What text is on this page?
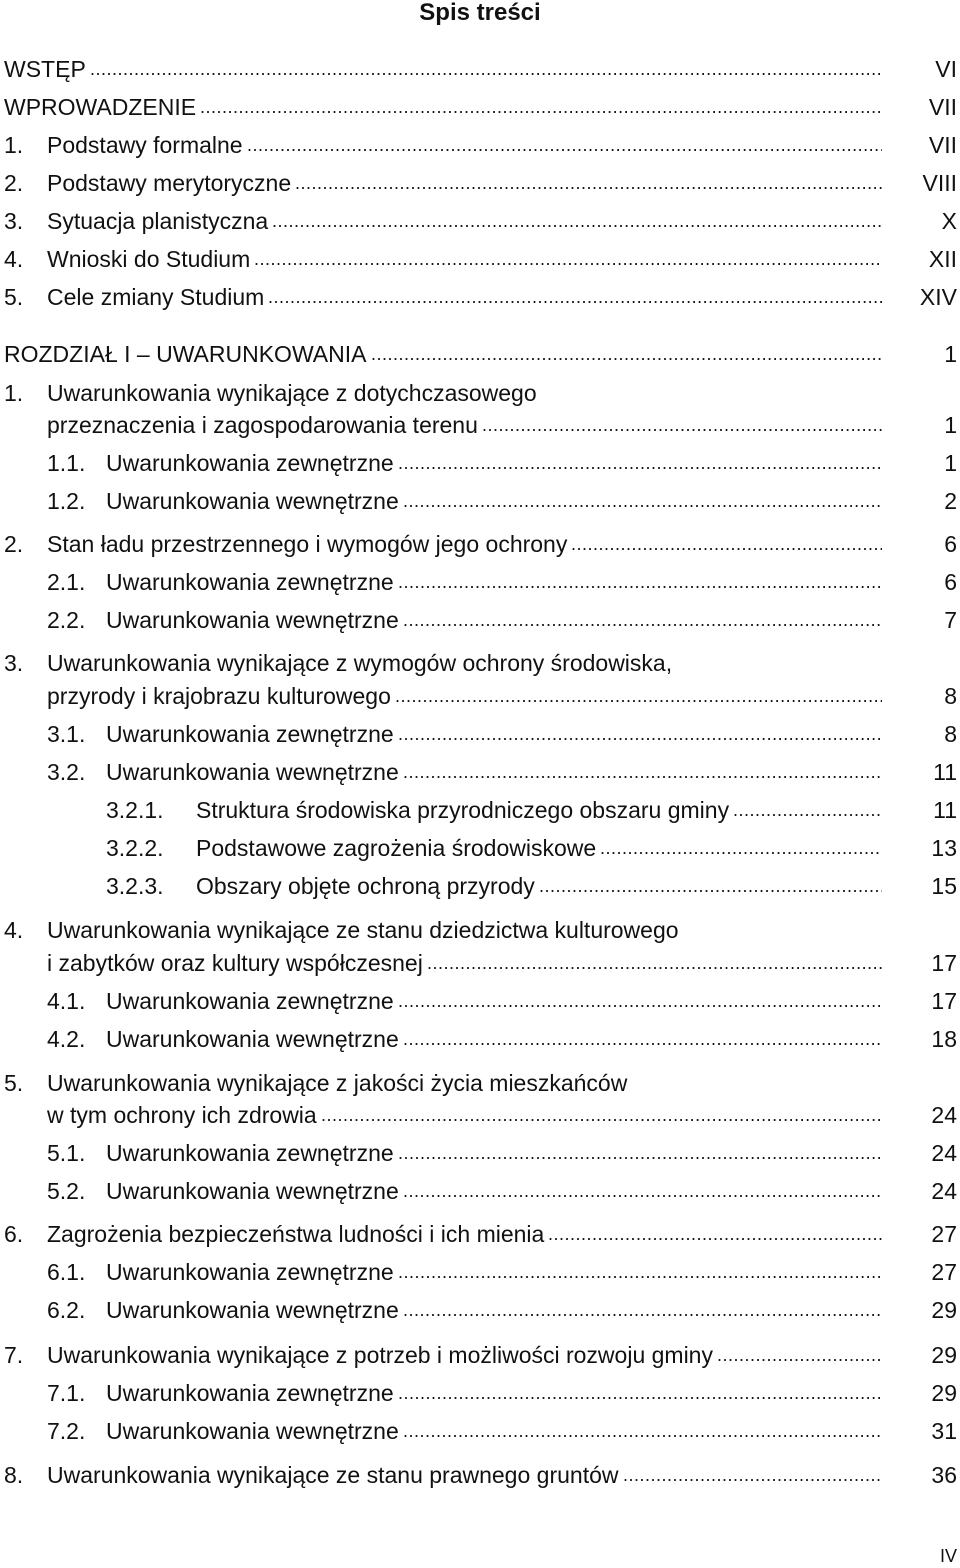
Spis treści
WSTĘP .....	VI
WPROWADZENIE .....	VII
1. Podstawy formalne .....	VII
2. Podstawy merytoryczne .....	VIII
3. Sytuacja planistyczna .....	X
4. Wnioski do Studium .....	XII
5. Cele zmiany Studium .....	XIV
ROZDZIAŁ I – UWARUNKOWANIA .....	1
1. Uwarunkowania wynikające z dotychczasowego
przeznaczenia i zagospodarowania terenu .....	1
1.1. Uwarunkowania zewnętrzne .....	1
1.2. Uwarunkowania wewnętrzne .....	2
2. Stan ładu przestrzennego i wymogów jego ochrony .....	6
2.1. Uwarunkowania zewnętrzne .....	6
2.2. Uwarunkowania wewnętrzne .....	7
3. Uwarunkowania wynikające z wymogów ochrony środowiska,
przyrody i krajobrazu kulturowego .....	8
3.1. Uwarunkowania zewnętrzne .....	8
3.2. Uwarunkowania wewnętrzne .....	11
3.2.1. Struktura środowiska przyrodniczego obszaru gminy .....	11
3.2.2. Podstawowe zagrożenia środowiskowe .....	13
3.2.3. Obszary objęte ochroną przyrody .....	15
4. Uwarunkowania wynikające ze stanu dziedzictwa kulturowego
i zabytków oraz kultury współczesnej .....	17
4.1. Uwarunkowania zewnętrzne .....	17
4.2. Uwarunkowania wewnętrzne .....	18
5. Uwarunkowania wynikające z jakości życia mieszkańców
w tym ochrony ich zdrowia .....	24
5.1. Uwarunkowania zewnętrzne .....	24
5.2. Uwarunkowania wewnętrzne .....	24
6. Zagrożenia bezpieczeństwa ludności i ich mienia .....	27
6.1. Uwarunkowania zewnętrzne .....	27
6.2. Uwarunkowania wewnętrzne .....	29
7. Uwarunkowania wynikające z potrzeb i możliwości rozwoju gminy .....	29
7.1. Uwarunkowania zewnętrzne .....	29
7.2. Uwarunkowania wewnętrzne .....	31
8. Uwarunkowania wynikające ze stanu prawnego gruntów .....	36
IV
